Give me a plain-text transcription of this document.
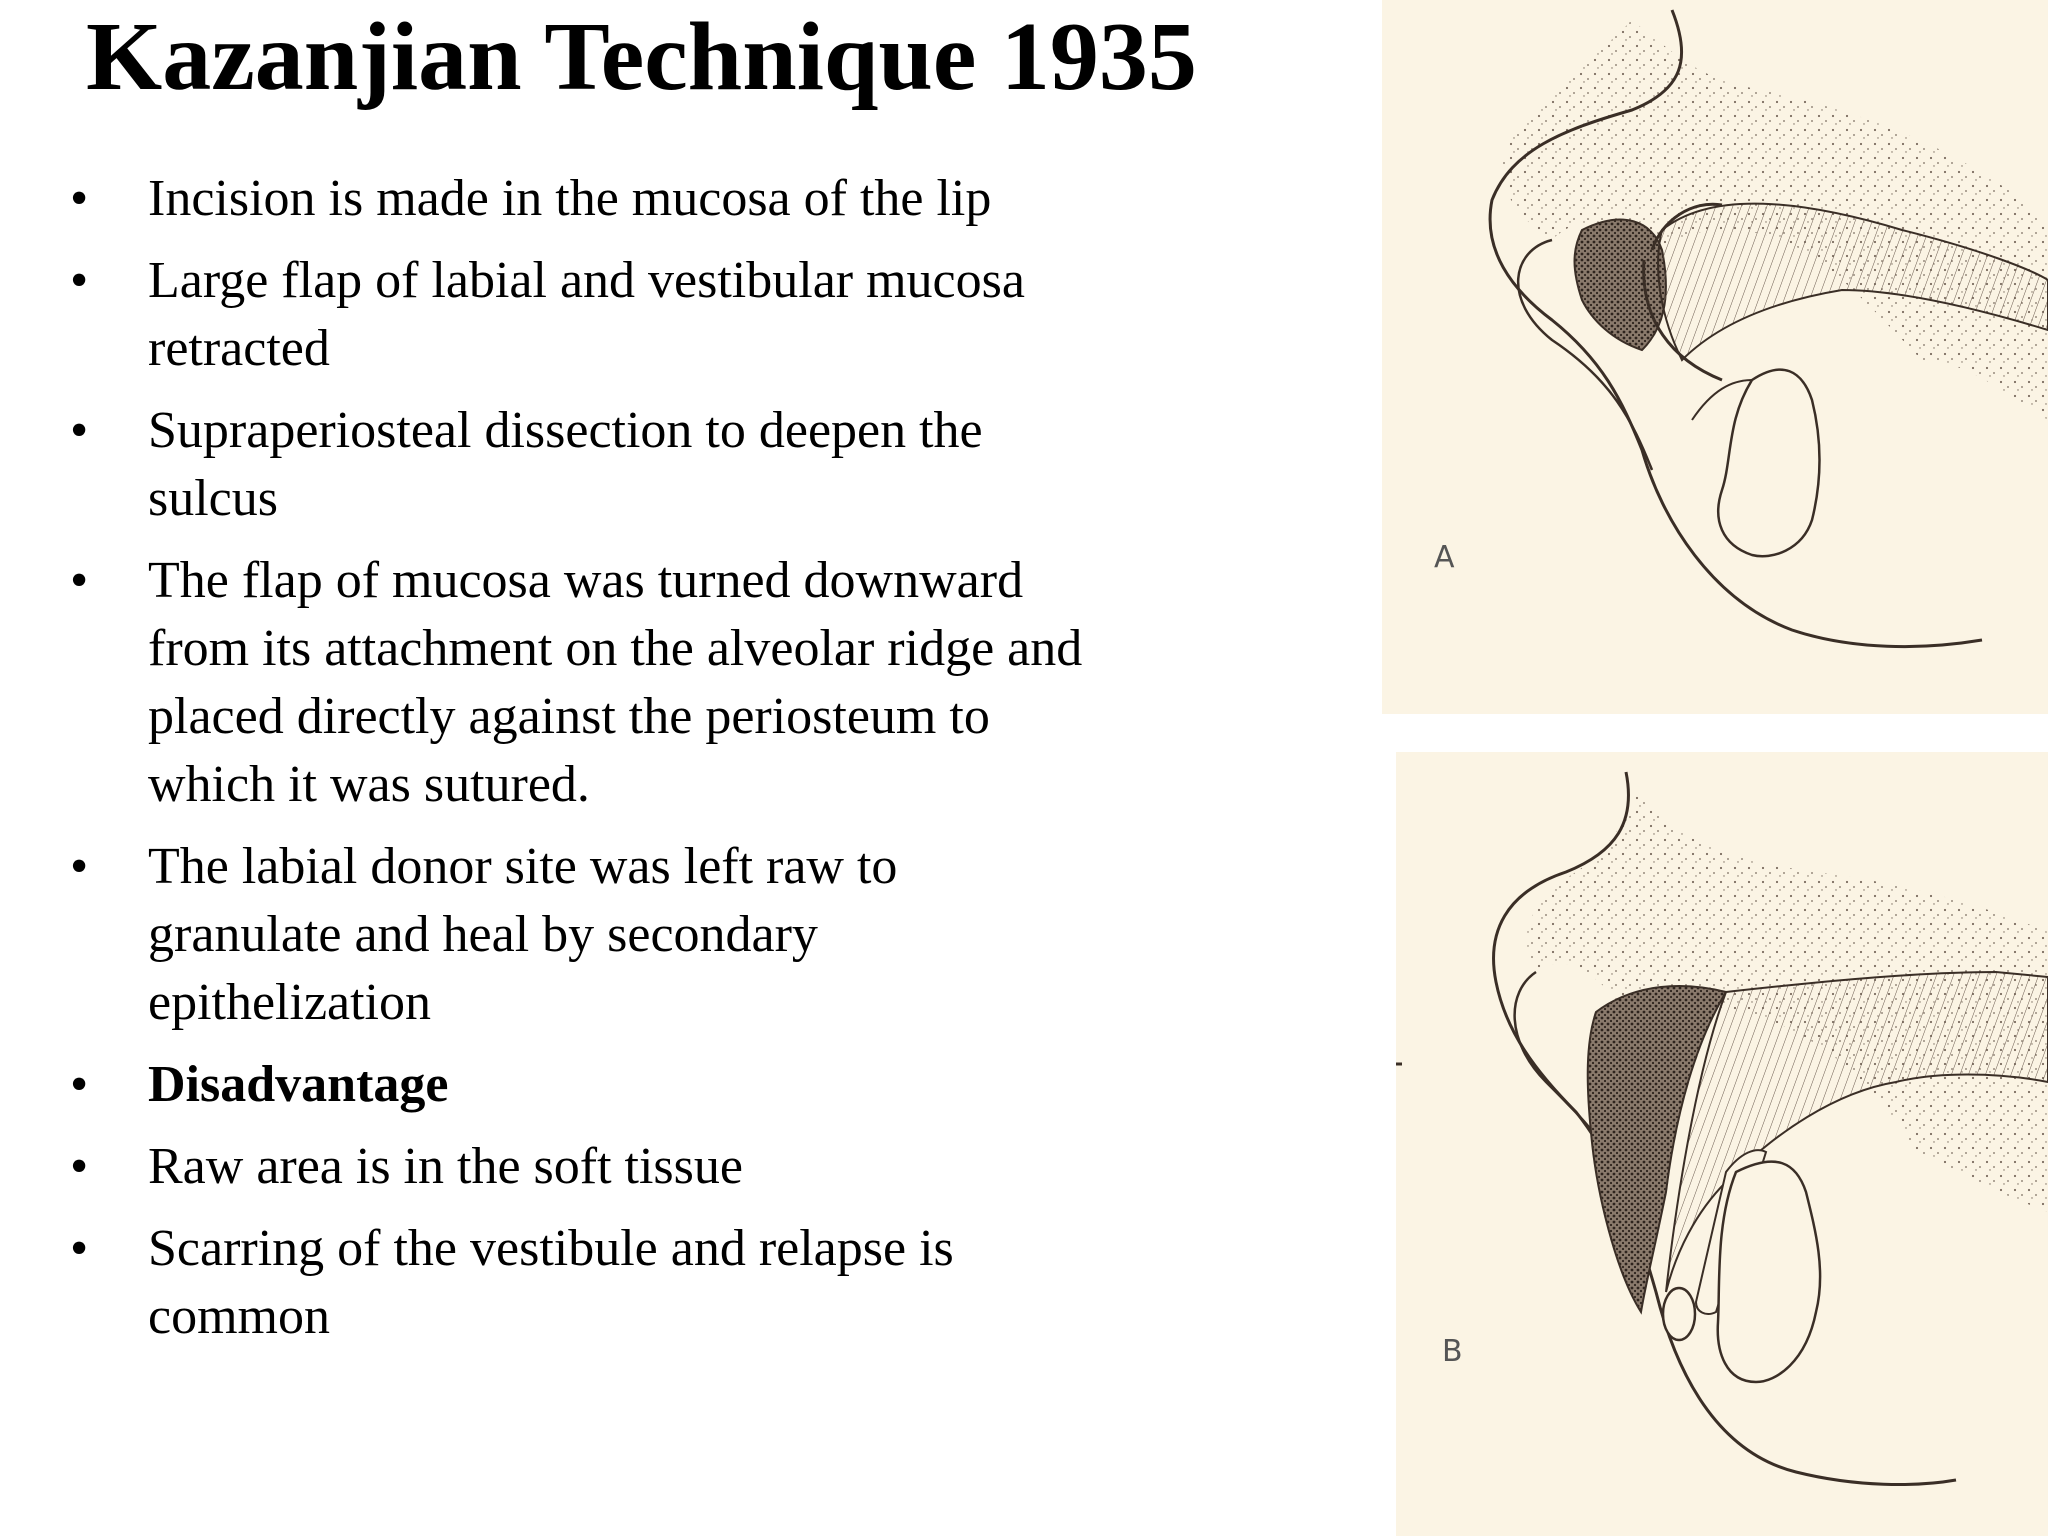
Kazanjian Technique 1935
• Incision is made in the mucosa of the lip
• Large flap of labial and vestibular mucosa retracted
• Supraperiosteal dissection to deepen the sulcus
• The flap of mucosa was turned downward from its attachment on the alveolar ridge and placed directly against the periosteum to which it was sutured.
• The labial donor site was left raw to granulate and heal by secondary epithelization
• Disadvantage
• Raw area is in the soft tissue
• Scarring of the vestibule and relapse is common
A
B
